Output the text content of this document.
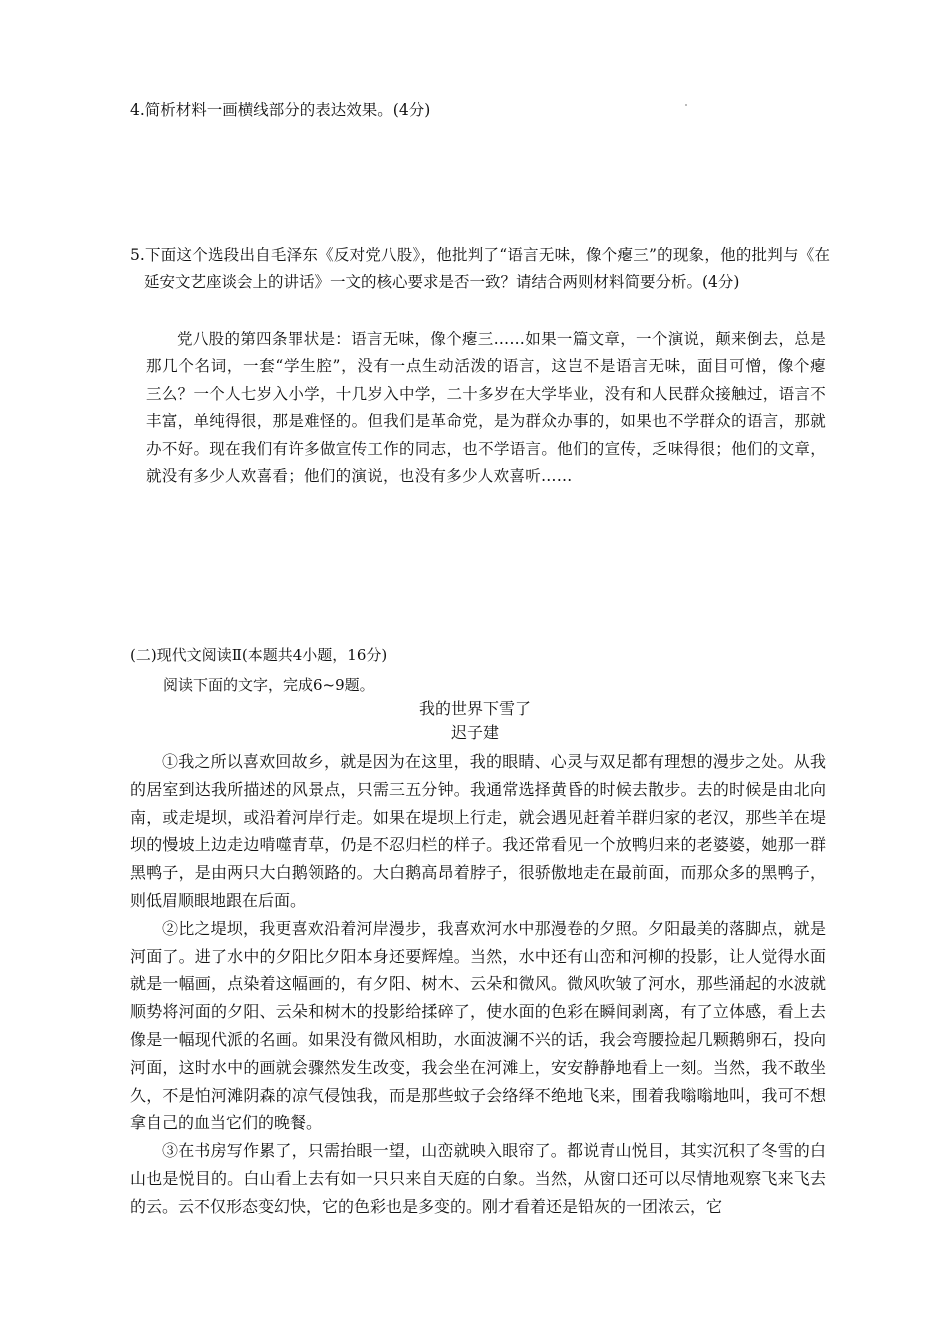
4.简析材料一画横线部分的表达效果。(4分)
5.下面这个选段出自毛泽东《反对党八股》，他批判了“语言无味，像个瘪三”的现象，他的批判与《在延安文艺座谈会上的讲话》一文的核心要求是否一致？请结合两则材料简要分析。(4分)
党八股的第四条罪状是：语言无味，像个瘪三……如果一篇文章，一个演说，颠来倒去，总是那几个名词，一套“学生腔”，没有一点生动活泼的语言，这岂不是语言无味，面目可憎，像个瘪三么？一个人七岁入小学，十几岁入中学，二十多岁在大学毕业，没有和人民群众接触过，语言不丰富，单纯得很，那是难怪的。但我们是革命党，是为群众办事的，如果也不学群众的语言，那就办不好。现在我们有许多做宣传工作的同志，也不学语言。他们的宣传，乏味得很；他们的文章，就没有多少人欢喜看；他们的演说，也没有多少人欢喜听……
(二)现代文阅读Ⅱ(本题共4小题，16分)
阅读下面的文字，完成6~9题。
我的世界下雪了
迟子建

①我之所以喜欢回故乡，就是因为在这里，我的眼睛、心灵与双足都有理想的漫步之处。从我的居室到达我所描述的风景点，只需三五分钟。我通常选择黄昏的时候去散步。去的时候是由北向南，或走堤坝，或沿着河岸行走。如果在堤坝上行走，就会遇见赶着羊群归家的老汉，那些羊在堤坝的慢坡上边走边啃噬青草，仍是不忍归栏的样子。我还常看见一个放鸭归来的老婆婆，她那一群黑鸭子，是由两只大白鹅领路的。大白鹅高昂着脖子，很骄傲地走在最前面，而那众多的黑鸭子，则低眉顺眼地跟在后面。

②比之堤坝，我更喜欢沿着河岸漫步，我喜欢河水中那漫卷的夕照。夕阳最美的落脚点，就是河面了。进了水中的夕阳比夕阳本身还要辉煌。当然，水中还有山峦和河柳的投影，让人觉得水面就是一幅画，点染着这幅画的，有夕阳、树木、云朵和微风。微风吹皱了河水，那些涌起的水波就顺势将河面的夕阳、云朵和树木的投影给揉碎了，使水面的色彩在瞬间剥离，有了立体感，看上去像是一幅现代派的名画。如果没有微风相助，水面波澜不兴的话，我会弯腰捡起几颗鹅卵石，投向河面，这时水中的画就会骤然发生改变，我会坐在河滩上，安安静静地看上一刻。当然，我不敢坐久，不是怕河滩阴森的凉气侵蚀我，而是那些蚊子会络绎不绝地飞来，围着我嗡嗡地叫，我可不想拿自己的血当它们的晚餐。

③在书房写作累了，只需抬眼一望，山峦就映入眼帘了。都说青山悦目，其实沉积了冬雪的白山也是悦目的。白山看上去有如一只只来自天庭的白象。当然，从窗口还可以尽情地观察飞来飞去的云。云不仅形态变幻快，它的色彩也是多变的。刚才看着还是铅灰的一团浓云，它
